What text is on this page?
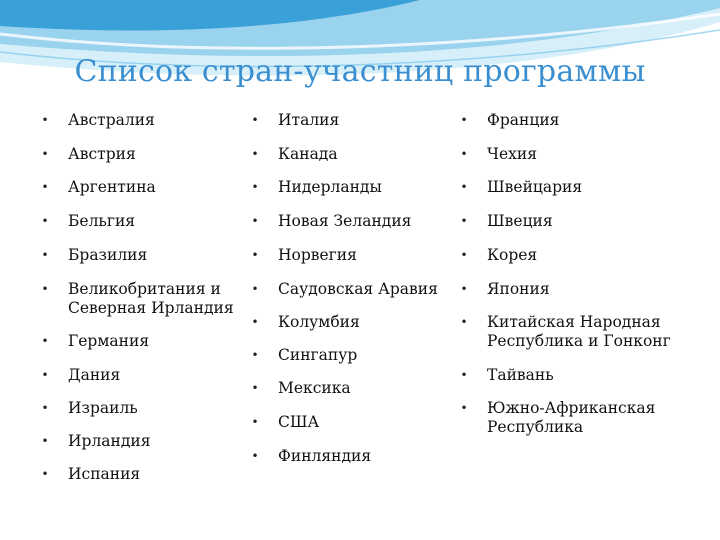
Список стран-участниц программы
• Австралия
• Австрия
• Аргентина
• Бельгия
• Бразилия
• Великобритания и
Северная Ирландия
• Германия
• Дания
• Израиль
• Ирландия
• Испания
• Италия
• Канада
• Нидерланды
• Новая Зеландия
• Норвегия
• Саудовская Аравия
• Колумбия
• Сингапур
• Мексика
• США
• Финляндия
• Франция
• Чехия
• Швейцария
• Швеция
• Корея
• Япония
• Китайская Народная
Республика и Гонконг
• Тайвань
• Южно-Африканская
Республика
